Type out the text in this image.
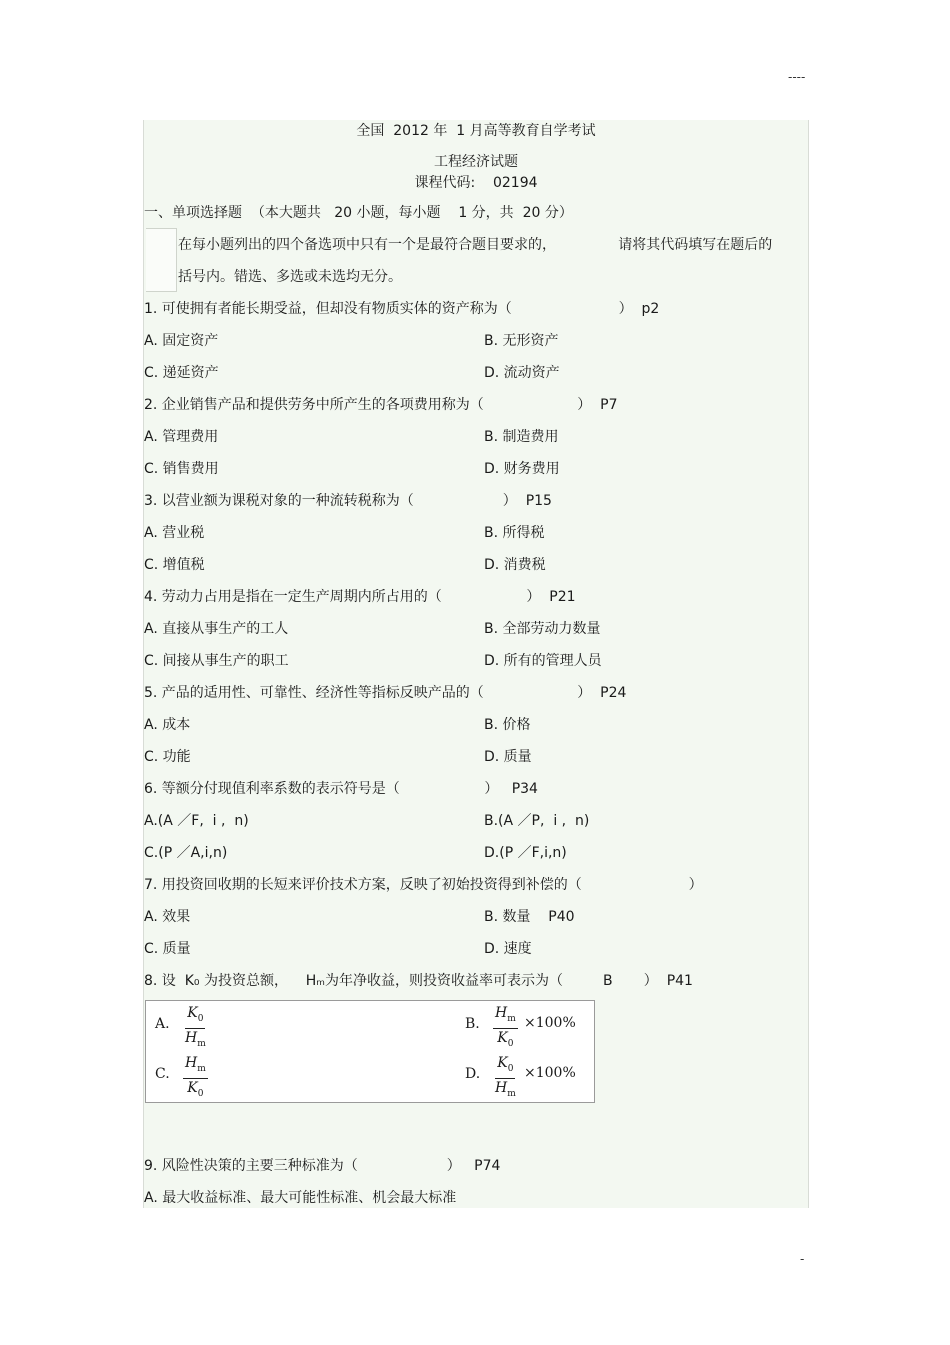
----
全国  2012 年  1 月高等教育自学考试
工程经济试题
课程代码:    02194
一、单项选择题  （本大题共   20 小题，每小题    1 分，共  20 分）
在每小题列出的四个备选项中只有一个是最符合题目要求的，              请将其代码填写在题后的
括号内。错选、多选或未选均无分。
1. 可使拥有者能长期受益，但却没有物质实体的资产称为（                        ）  p2
A. 固定资产	B. 无形资产
C. 递延资产	D. 流动资产
2. 企业销售产品和提供劳务中所产生的各项费用称为（                     ）  P7
A. 管理费用	B. 制造费用
C. 销售费用	D. 财务费用
3. 以营业额为课税对象的一种流转税称为（                    ）  P15
A. 营业税	B. 所得税
C. 增值税	D. 消费税
4. 劳动力占用是指在一定生产周期内所占用的（                   ）  P21
A. 直接从事生产的工人	B. 全部劳动力数量
C. 间接从事生产的职工	D. 所有的管理人员
5. 产品的适用性、可靠性、经济性等指标反映产品的（                     ）  P24
A. 成本	B. 价格
C. 功能	D. 质量
6. 等额分付现值利率系数的表示符号是（                   ）   P34
A.(A ／F,  i ,  n)	B.(A ／P,  i ,  n)
C.(P ／A,i,n)	D.(P ／F,i,n)
7. 用投资回收期的长短来评价技术方案，反映了初始投资得到补偿的（                        ）
A. 效果	B. 数量    P40
C. 质量	D. 速度
8. 设  K₀ 为投资总额，    Hₘ为年净收益，则投资收益率可表示为（         B       ）  P41
A. $\frac{K_0}{H_m}$	B. $\frac{H_m}{K_0} \times 100\%$
C. $\frac{H_m}{K_0}$	D. $\frac{K_0}{H_m} \times 100\%$
9. 风险性决策的主要三种标准为（                    ）   P74
A. 最大收益标准、最大可能性标准、机会最大标准
-
